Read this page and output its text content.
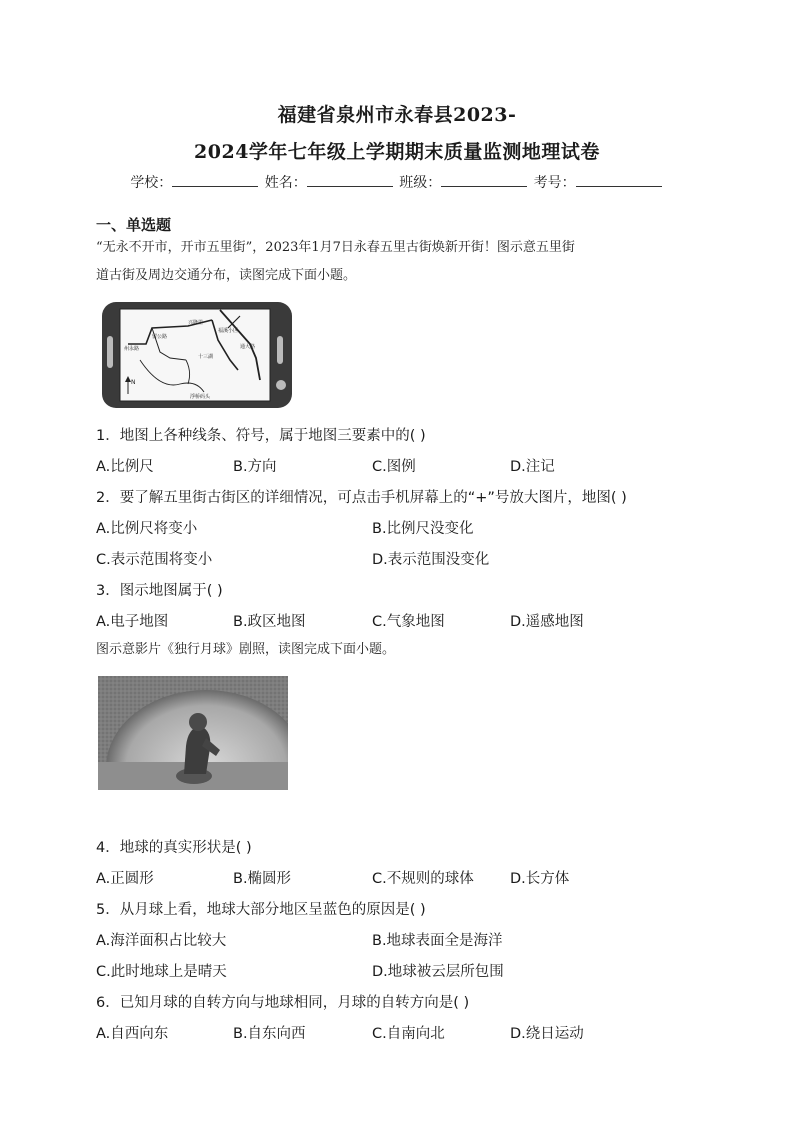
福建省泉州市永春县2023-
2024学年七年级上学期期末质量监测地理试卷
学校：	姓名：	班级：	考号：
一、单选题
“无永不开市，开市五里街”，2023年1月7日永春五里古街焕新开街！图示意五里街
道古街及周边交通分布，读图完成下面小题。
州永路
兴隆里
留公路
福溪小区
十三湖
浮桥码头
通大路
N
1．地图上各种线条、符号，属于地图三要素中的( )
A.比例尺	B.方向	C.图例	D.注记
2．要了解五里街古街区的详细情况，可点击手机屏幕上的“+”号放大图片，地图( )
A.比例尺将变小	B.比例尺没变化
C.表示范围将变小	D.表示范围没变化
3．图示地图属于( )
A.电子地图	B.政区地图	C.气象地图	D.遥感地图
图示意影片《独行月球》剧照，读图完成下面小题。
4．地球的真实形状是( )
A.正圆形	B.椭圆形	C.不规则的球体	D.长方体
5．从月球上看，地球大部分地区呈蓝色的原因是( )
A.海洋面积占比较大	B.地球表面全是海洋
C.此时地球上是晴天	D.地球被云层所包围
6．已知月球的自转方向与地球相同，月球的自转方向是( )
A.自西向东	B.自东向西	C.自南向北	D.绕日运动
